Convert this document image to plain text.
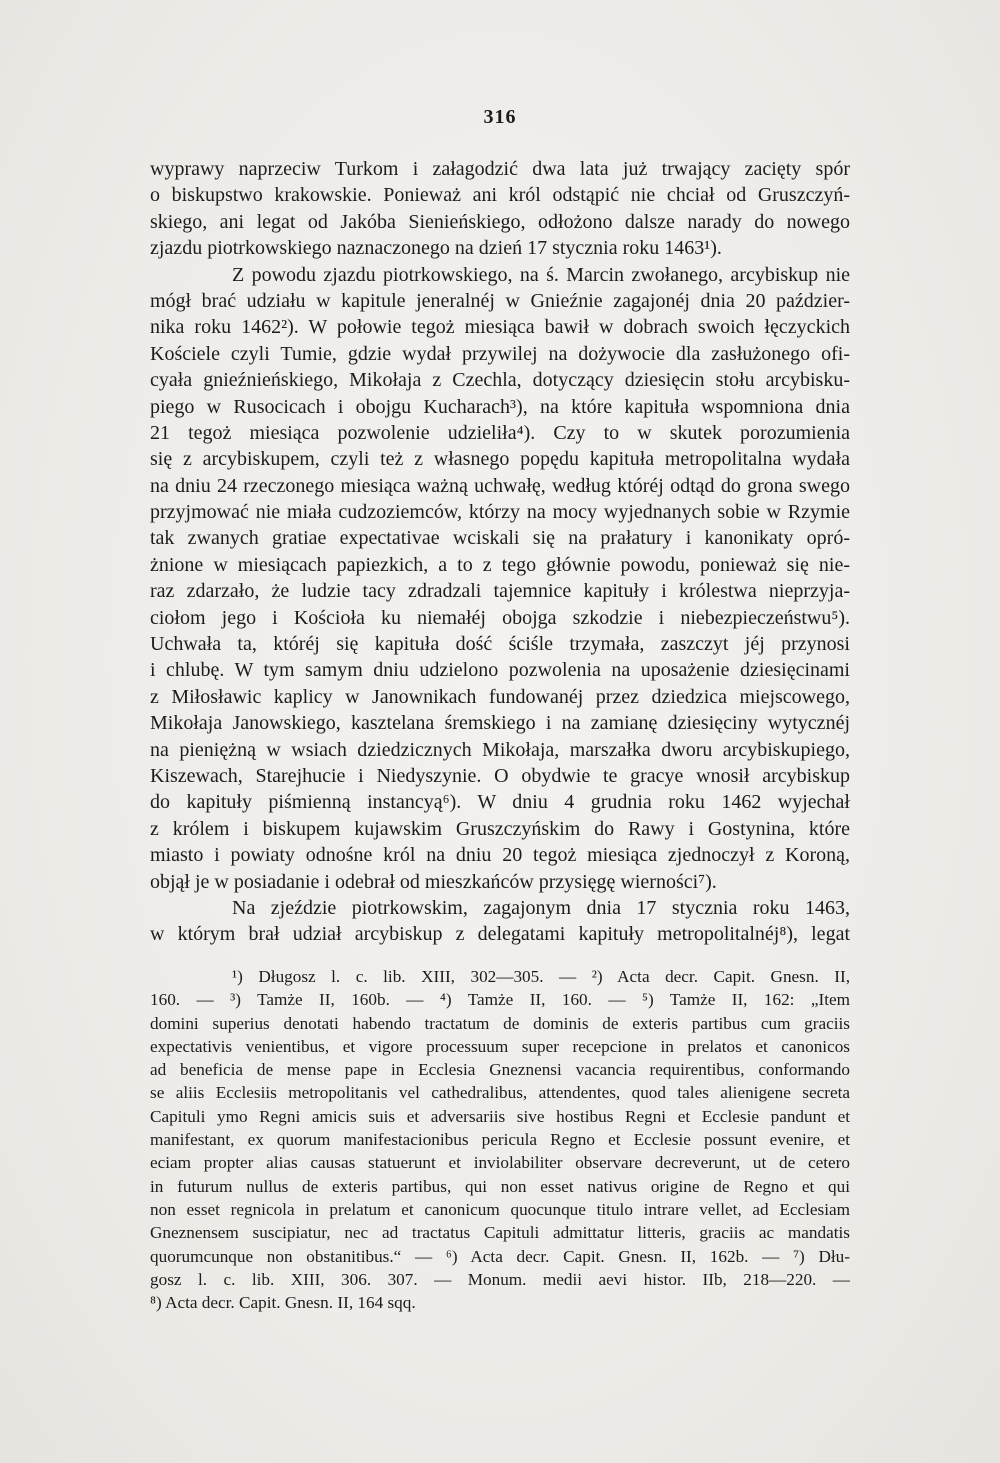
316
wyprawy naprzeciw Turkom i załagodzić dwa lata już trwający zacięty spór
o biskupstwo krakowskie. Ponieważ ani król odstąpić nie chciał od Gruszczyń-
skiego, ani legat od Jakóba Sienieńskiego, odłożono dalsze narady do nowego
zjazdu piotrkowskiego naznaczonego na dzień 17 stycznia roku 1463¹).
Z powodu zjazdu piotrkowskiego, na ś. Marcin zwołanego, arcybiskup nie
mógł brać udziału w kapitule jeneralnéj w Gnieźnie zagajonéj dnia 20 paździer-
nika roku 1462²). W połowie tegoż miesiąca bawił w dobrach swoich łęczyckich
Kościele czyli Tumie, gdzie wydał przywilej na dożywocie dla zasłużonego ofi-
cyała gnieźnieńskiego, Mikołaja z Czechla, dotyczący dziesięcin stołu arcybisku-
piego w Rusocicach i obojgu Kucharach³), na które kapituła wspomniona dnia
21 tegoż miesiąca pozwolenie udzieliła⁴). Czy to w skutek porozumienia
się z arcybiskupem, czyli też z własnego popędu kapituła metropolitalna wydała
na dniu 24 rzeczonego miesiąca ważną uchwałę, według któréj odtąd do grona swego
przyjmować nie miała cudzoziemców, którzy na mocy wyjednanych sobie w Rzymie
tak zwanych gratiae expectativae wciskali się na prałatury i kanonikaty opró-
żnione w miesiącach papiezkich, a to z tego głównie powodu, ponieważ się nie-
raz zdarzało, że ludzie tacy zdradzali tajemnice kapituły i królestwa nieprzyja-
ciołom jego i Kościoła ku niemałéj obojga szkodzie i niebezpieczeństwu⁵).
Uchwała ta, któréj się kapituła dość ściśle trzymała, zaszczyt jéj przynosi
i chlubę. W tym samym dniu udzielono pozwolenia na uposażenie dziesięcinami
z Miłosławic kaplicy w Janownikach fundowanéj przez dziedzica miejscowego,
Mikołaja Janowskiego, kasztelana śremskiego i na zamianę dziesięciny wytycznéj
na pieniężną w wsiach dziedzicznych Mikołaja, marszałka dworu arcybiskupiego,
Kiszewach, Starejhucie i Niedyszynie. O obydwie te gracye wnosił arcybiskup
do kapituły piśmienną instancyą⁶). W dniu 4 grudnia roku 1462 wyjechał
z królem i biskupem kujawskim Gruszczyńskim do Rawy i Gostynina, które
miasto i powiaty odnośne król na dniu 20 tegoż miesiąca zjednoczył z Koroną,
objął je w posiadanie i odebrał od mieszkańców przysięgę wierności⁷).
Na zjeździe piotrkowskim, zagajonym dnia 17 stycznia roku 1463,
w którym brał udział arcybiskup z delegatami kapituły metropolitalnéj⁸), legat
¹) Długosz l. c. lib. XIII, 302—305. — ²) Acta decr. Capit. Gnesn. II,
160. — ³) Tamże II, 160b. — ⁴) Tamże II, 160. — ⁵) Tamże II, 162: „Item
domini superius denotati habendo tractatum de dominis de exteris partibus cum graciis
expectativis venientibus, et vigore processuum super recepcione in prelatos et canonicos
ad beneficia de mense pape in Ecclesia Gneznensi vacancia requirentibus, conformando
se aliis Ecclesiis metropolitanis vel cathedralibus, attendentes, quod tales alienigene secreta
Capituli ymo Regni amicis suis et adversariis sive hostibus Regni et Ecclesie pandunt et
manifestant, ex quorum manifestacionibus pericula Regno et Ecclesie possunt evenire, et
eciam propter alias causas statuerunt et inviolabiliter observare decreverunt, ut de cetero
in futurum nullus de exteris partibus, qui non esset nativus origine de Regno et qui
non esset regnicola in prelatum et canonicum quocunque titulo intrare vellet, ad Ecclesiam
Gneznensem suscipiatur, nec ad tractatus Capituli admittatur litteris, graciis ac mandatis
quorumcunque non obstanitibus.“ — ⁶) Acta decr. Capit. Gnesn. II, 162b. — ⁷) Dłu-
gosz l. c. lib. XIII, 306. 307. — Monum. medii aevi histor. IIb, 218—220. —
⁸) Acta decr. Capit. Gnesn. II, 164 sqq.
